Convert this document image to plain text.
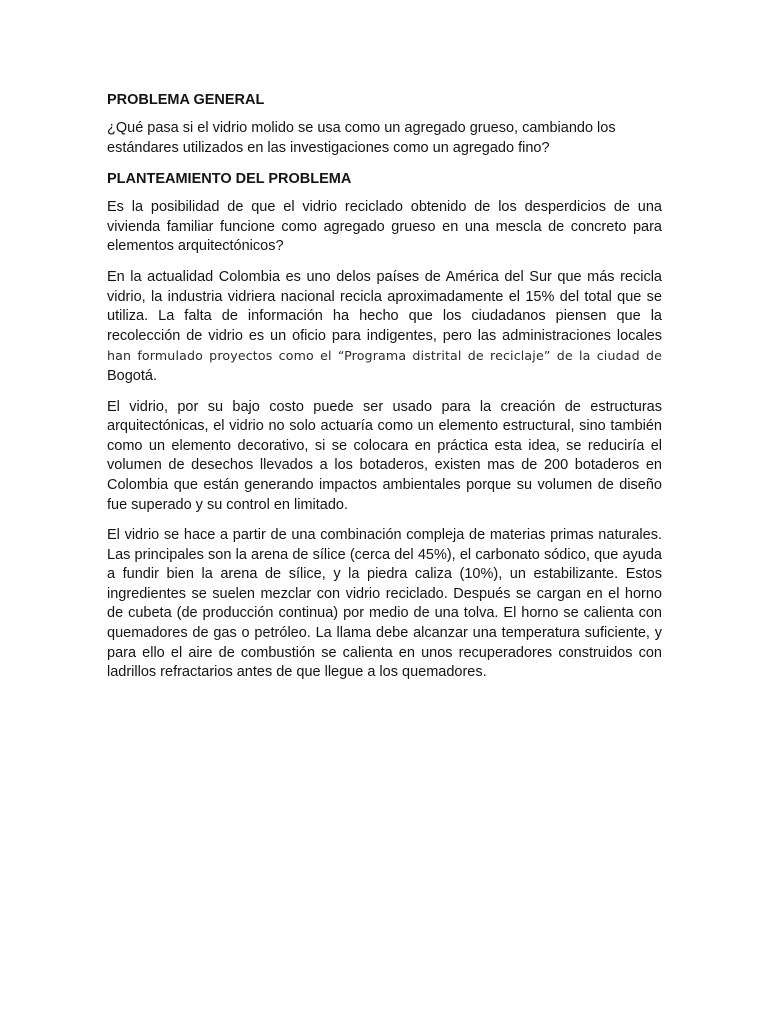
PROBLEMA GENERAL

¿Qué pasa si el vidrio molido se usa como un agregado grueso, cambiando los estándares utilizados en las investigaciones como un agregado fino?

PLANTEAMIENTO DEL PROBLEMA

Es la posibilidad de que el vidrio reciclado obtenido de los desperdicios de una vivienda familiar funcione como agregado grueso en una mescla de concreto para elementos arquitectónicos?

En la actualidad Colombia es uno delos países de América del Sur que más recicla vidrio, la industria vidriera nacional recicla aproximadamente el 15% del total que se utiliza. La falta de información ha hecho que los ciudadanos piensen que la recolección de vidrio es un oficio para indigentes, pero las administraciones locales han formulado proyectos como el “Programa distrital de reciclaje” de la ciudad de Bogotá.

El vidrio, por su bajo costo puede ser usado para la creación de estructuras arquitectónicas, el vidrio no solo actuaría como un elemento estructural, sino también como un elemento decorativo, si se colocara en práctica esta idea, se reduciría el volumen de desechos llevados a los botaderos, existen mas de 200 botaderos en Colombia que están generando impactos ambientales porque su volumen de diseño fue superado y su control en limitado.

El vidrio se hace a partir de una combinación compleja de materias primas naturales. Las principales son la arena de sílice (cerca del 45%), el carbonato sódico, que ayuda a fundir bien la arena de sílice, y la piedra caliza (10%), un estabilizante. Estos ingredientes se suelen mezclar con vidrio reciclado. Después se cargan en el horno de cubeta (de producción continua) por medio de una tolva. El horno se calienta con quemadores de gas o petróleo. La llama debe alcanzar una temperatura suficiente, y para ello el aire de combustión se calienta en unos recuperadores construidos con ladrillos refractarios antes de que llegue a los quemadores.
